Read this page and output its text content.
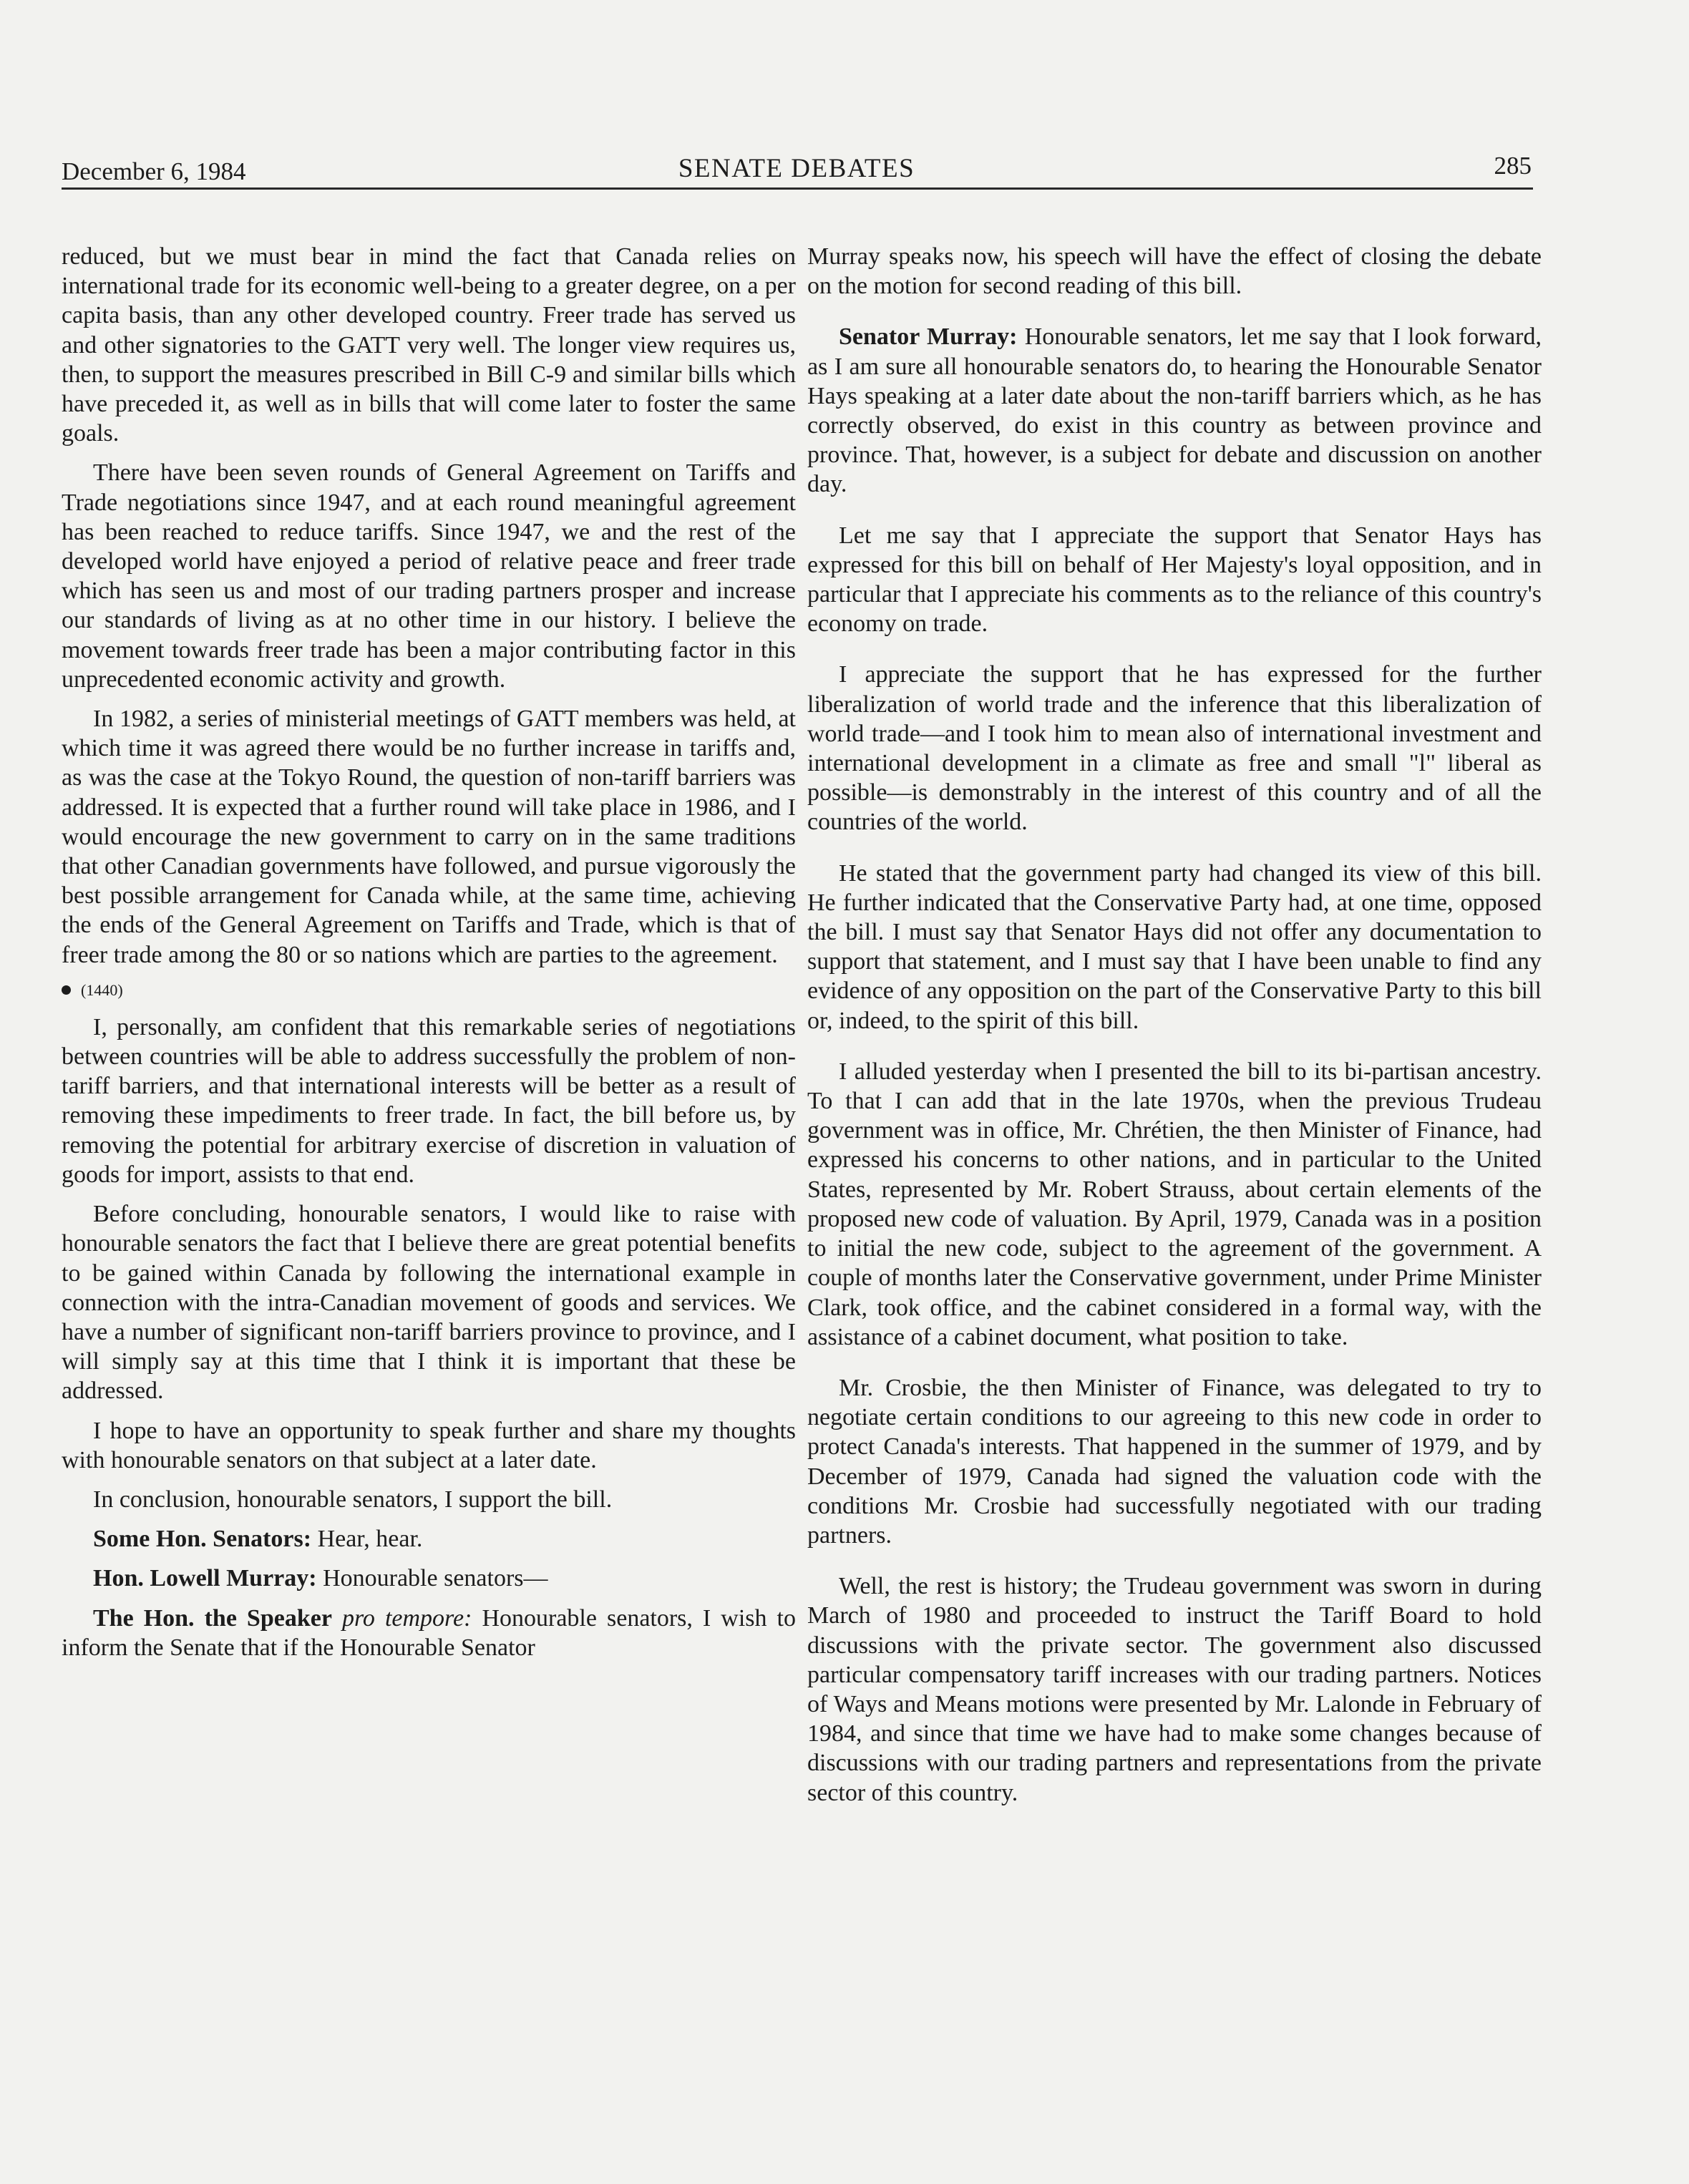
December 6, 1984	SENATE DEBATES	285

reduced, but we must bear in mind the fact that Canada relies on international trade for its economic well-being to a greater degree, on a per capita basis, than any other developed country. Freer trade has served us and other signatories to the GATT very well. The longer view requires us, then, to support the measures prescribed in Bill C-9 and similar bills which have preceded it, as well as in bills that will come later to foster the same goals.

There have been seven rounds of General Agreement on Tariffs and Trade negotiations since 1947, and at each round meaningful agreement has been reached to reduce tariffs. Since 1947, we and the rest of the developed world have enjoyed a period of relative peace and freer trade which has seen us and most of our trading partners prosper and increase our standards of living as at no other time in our history. I believe the movement towards freer trade has been a major contributing factor in this unprecedented economic activity and growth.

In 1982, a series of ministerial meetings of GATT members was held, at which time it was agreed there would be no further increase in tariffs and, as was the case at the Tokyo Round, the question of non-tariff barriers was addressed. It is expected that a further round will take place in 1986, and I would encourage the new government to carry on in the same traditions that other Canadian governments have followed, and pursue vigorously the best possible arrangement for Canada while, at the same time, achieving the ends of the General Agreement on Tariffs and Trade, which is that of freer trade among the 80 or so nations which are parties to the agreement.

(1440)

I, personally, am confident that this remarkable series of negotiations between countries will be able to address successfully the problem of non-tariff barriers, and that international interests will be better as a result of removing these impediments to freer trade. In fact, the bill before us, by removing the potential for arbitrary exercise of discretion in valuation of goods for import, assists to that end.

Before concluding, honourable senators, I would like to raise with honourable senators the fact that I believe there are great potential benefits to be gained within Canada by following the international example in connection with the intra-Canadian movement of goods and services. We have a number of significant non-tariff barriers province to province, and I will simply say at this time that I think it is important that these be addressed.

I hope to have an opportunity to speak further and share my thoughts with honourable senators on that subject at a later date.

In conclusion, honourable senators, I support the bill.

Some Hon. Senators: Hear, hear.

Hon. Lowell Murray: Honourable senators—

The Hon. the Speaker pro tempore: Honourable senators, I wish to inform the Senate that if the Honourable Senator

Murray speaks now, his speech will have the effect of closing the debate on the motion for second reading of this bill.

Senator Murray: Honourable senators, let me say that I look forward, as I am sure all honourable senators do, to hearing the Honourable Senator Hays speaking at a later date about the non-tariff barriers which, as he has correctly observed, do exist in this country as between province and province. That, however, is a subject for debate and discussion on another day.

Let me say that I appreciate the support that Senator Hays has expressed for this bill on behalf of Her Majesty's loyal opposition, and in particular that I appreciate his comments as to the reliance of this country's economy on trade.

I appreciate the support that he has expressed for the further liberalization of world trade and the inference that this liberalization of world trade—and I took him to mean also of international investment and international development in a climate as free and small "l" liberal as possible—is demonstrably in the interest of this country and of all the countries of the world.

He stated that the government party had changed its view of this bill. He further indicated that the Conservative Party had, at one time, opposed the bill. I must say that Senator Hays did not offer any documentation to support that statement, and I must say that I have been unable to find any evidence of any opposition on the part of the Conservative Party to this bill or, indeed, to the spirit of this bill.

I alluded yesterday when I presented the bill to its bi-partisan ancestry. To that I can add that in the late 1970s, when the previous Trudeau government was in office, Mr. Chrétien, the then Minister of Finance, had expressed his concerns to other nations, and in particular to the United States, represented by Mr. Robert Strauss, about certain elements of the proposed new code of valuation. By April, 1979, Canada was in a position to initial the new code, subject to the agreement of the government. A couple of months later the Conservative government, under Prime Minister Clark, took office, and the cabinet considered in a formal way, with the assistance of a cabinet document, what position to take.

Mr. Crosbie, the then Minister of Finance, was delegated to try to negotiate certain conditions to our agreeing to this new code in order to protect Canada's interests. That happened in the summer of 1979, and by December of 1979, Canada had signed the valuation code with the conditions Mr. Crosbie had successfully negotiated with our trading partners.

Well, the rest is history; the Trudeau government was sworn in during March of 1980 and proceeded to instruct the Tariff Board to hold discussions with the private sector. The government also discussed particular compensatory tariff increases with our trading partners. Notices of Ways and Means motions were presented by Mr. Lalonde in February of 1984, and since that time we have had to make some changes because of discussions with our trading partners and representations from the private sector of this country.
